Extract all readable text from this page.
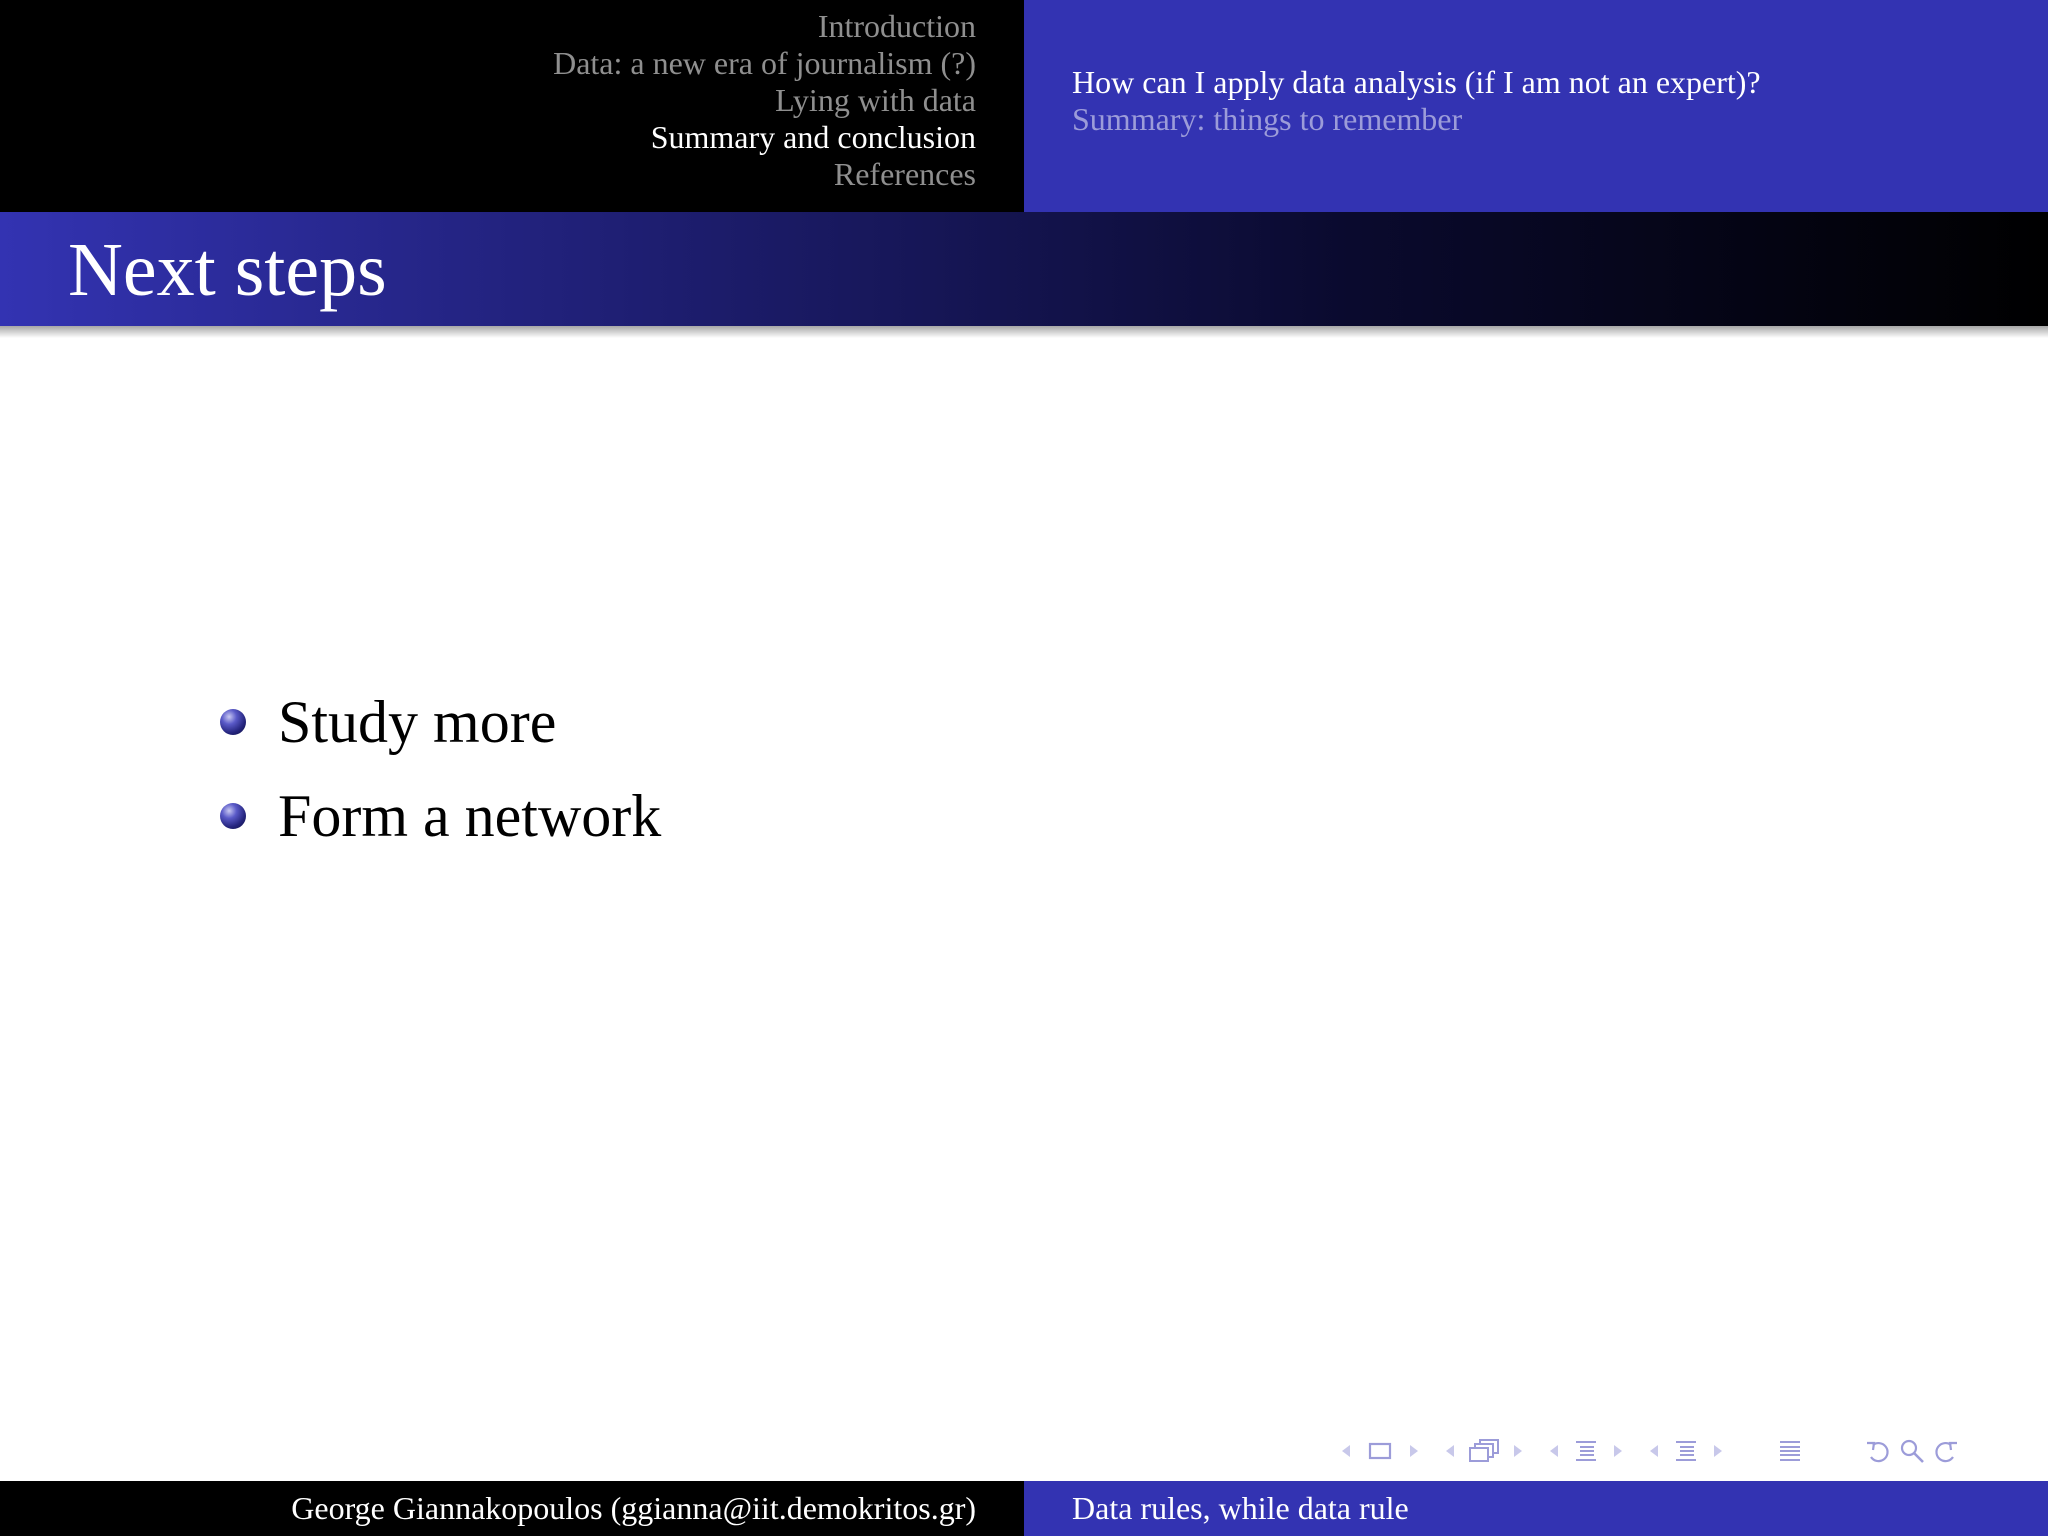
Introduction
Data: a new era of journalism (?)
Lying with data
Summary and conclusion
References
How can I apply data analysis (if I am not an expert)?
Summary: things to remember
Next steps
Study more
Form a network
George Giannakopoulos (ggianna@iit.demokritos.gr)	Data rules, while data rule
